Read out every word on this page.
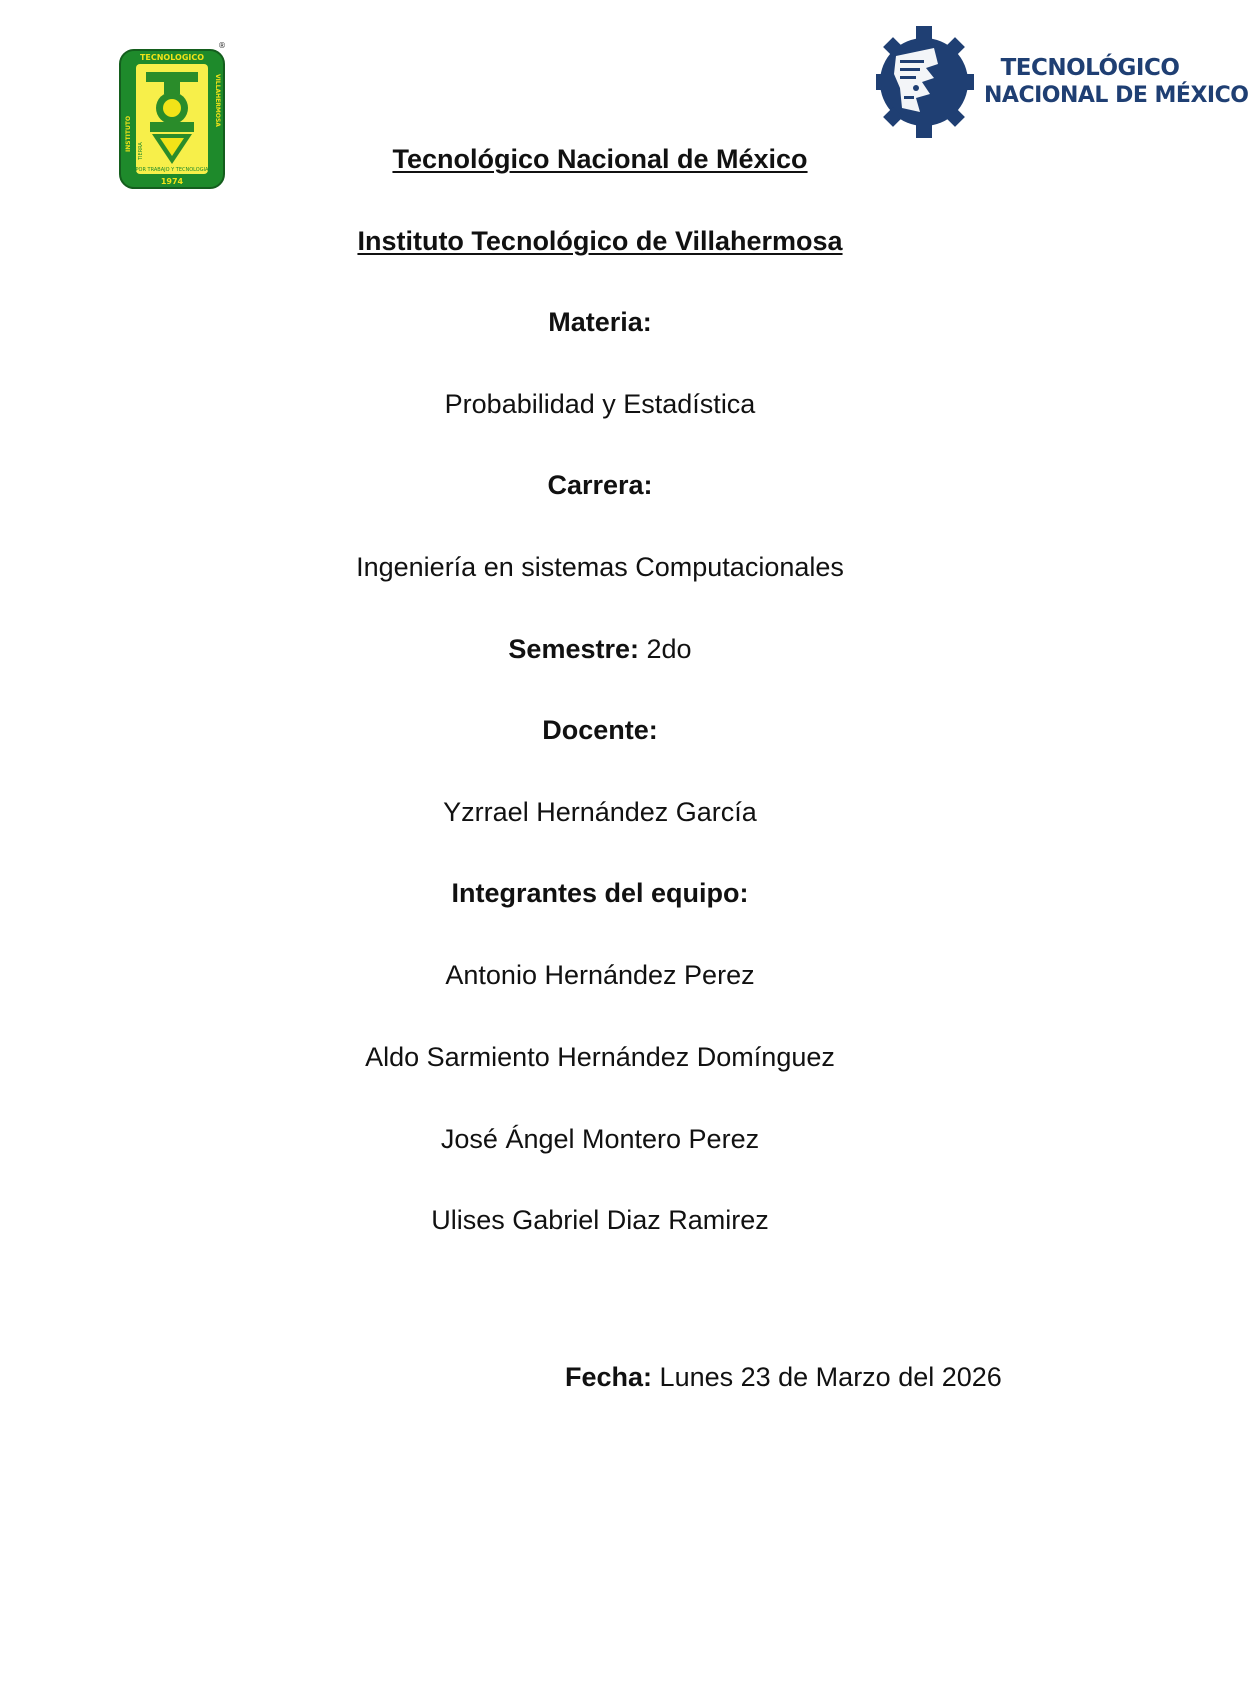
TECNOLOGICO
1974
POR TRABAJO Y TECNOLOGIA
INSTITUTO TIERRA
VILLAHERMOSA
®
TECNOLÓGICO
NACIONAL DE MÉXICO
Tecnológico Nacional de México
Instituto Tecnológico de Villahermosa
Materia:
Probabilidad y Estadística
Carrera:
Ingeniería en sistemas Computacionales
Semestre: 2do
Docente:
Yzrrael Hernández García
Integrantes del equipo:
Antonio Hernández Perez
Aldo Sarmiento Hernández Domínguez
José Ángel Montero Perez
Ulises Gabriel Diaz Ramirez
Fecha: Lunes 23 de Marzo del 2026
